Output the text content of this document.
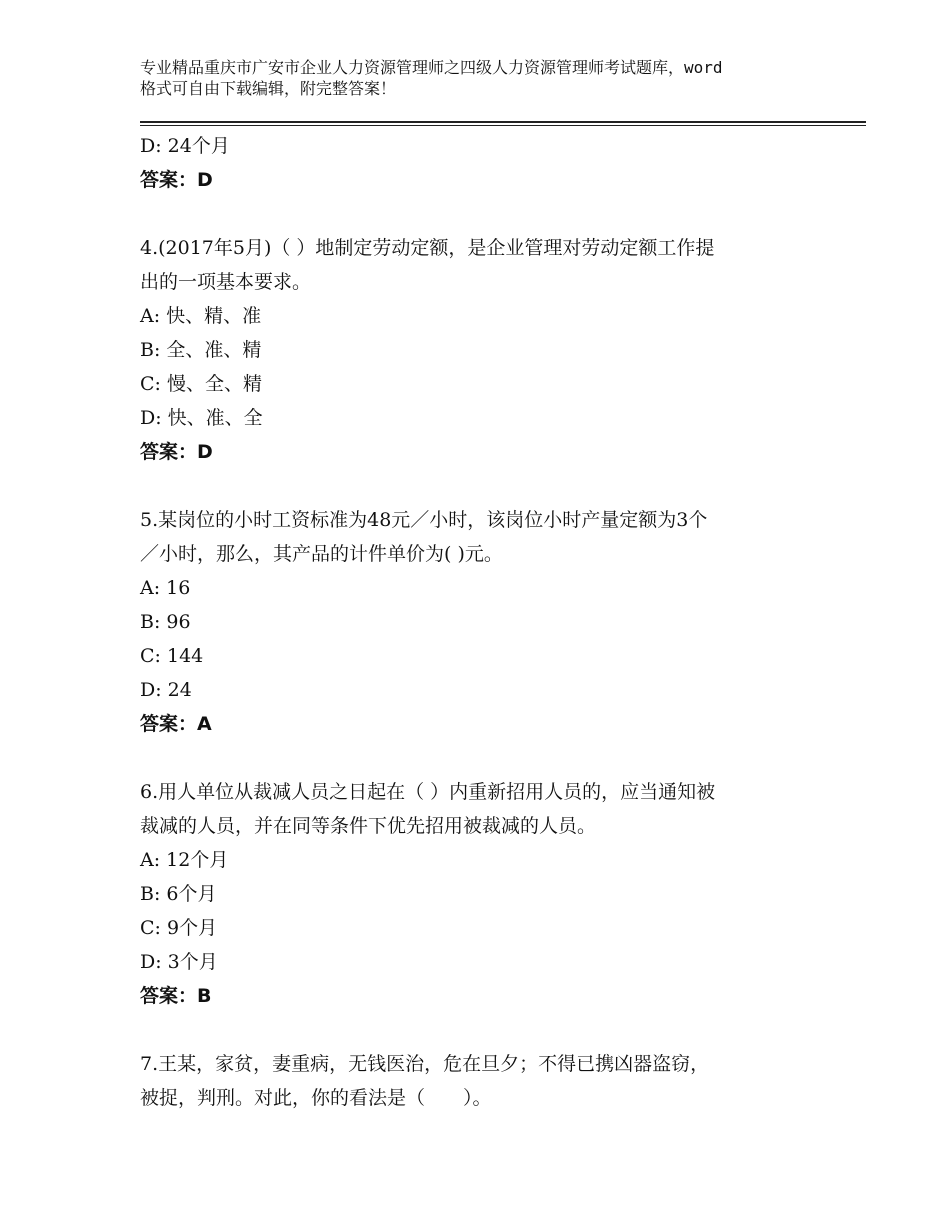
专业精品重庆市广安市企业人力资源管理师之四级人力资源管理师考试题库，word
格式可自由下载编辑，附完整答案！
D: 24个月
答案：D
4.(2017年5月)（ ）地制定劳动定额，是企业管理对劳动定额工作提
出的一项基本要求。
A: 快、精、准
B: 全、准、精
C: 慢、全、精
D: 快、准、全
答案：D
5.某岗位的小时工资标准为48元／小时，该岗位小时产量定额为3个
／小时，那么，其产品的计件单价为( )元。
A: 16
B: 96
C: 144
D: 24
答案：A
6.用人单位从裁减人员之日起在（ ）内重新招用人员的，应当通知被
裁减的人员，并在同等条件下优先招用被裁减的人员。
A: 12个月
B: 6个月
C: 9个月
D: 3个月
答案：B
7.王某，家贫，妻重病，无钱医治，危在旦夕；不得已携凶器盗窃，
被捉，判刑。对此，你的看法是（　　）。
